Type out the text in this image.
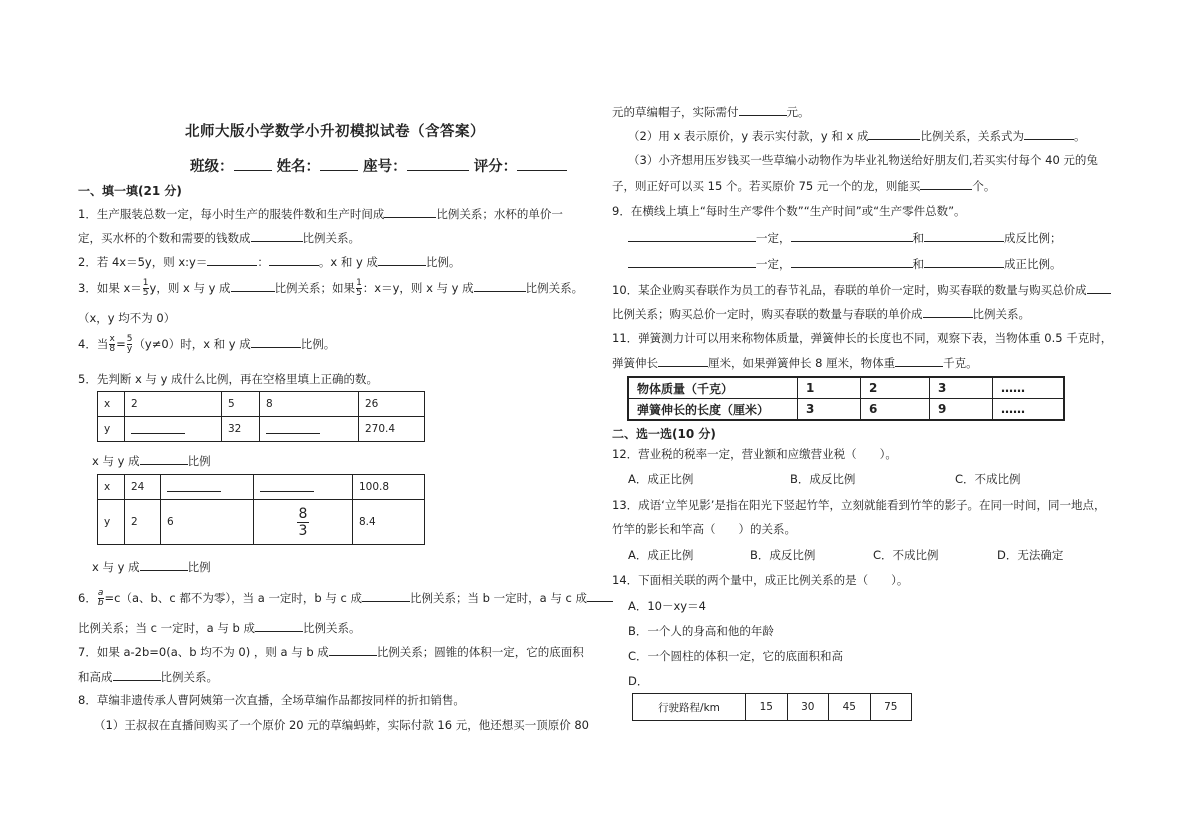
北师大版小学数学小升初模拟试卷（含答案）
班级：	姓名：	座号：	评分：
一、填一填(21 分)
1．生产服装总数一定，每小时生产的服装件数和生产时间成	比例关系；水杯的单价一
定，买水杯的个数和需要的钱数成	比例关系。
2．若 4x＝5y，则 x:y＝	：	。x 和 y 成	比例。
3．如果 $x= \frac{1}{5}$ y，则 x 与 y 成	比例关系；如果 $\frac{1}{5}$ ：x＝y，则 x 与 y 成	比例关系。
（x，y 均不为 0）
4．当 $\frac{x}{8} = \frac{5}{y} (y\ne 0)$时，x 和 y 成	比例。
5．先判断 x 与 y 成什么比例，再在空格里填上正确的数。
x	2	5	8	26
y		32		270.4
x 与 y 成	比例
x	24			100.8
y	2	6	$\frac{8}{3}$	8.4
x 与 y 成	比例
6． $\frac{a}{b} =c(a$、b、c 都不为零），当 a 一定时，b 与 c 成	比例关系；当 b 一定时，a 与 c 成
比例关系；当 c 一定时，a 与 b 成	比例关系。
7．如果 a-2b=0(a、b 均不为 0) ，则 a 与 b 成	比例关系；圆锥的体积一定，它的底面积
和高成	比例关系。
8．草编非遗传承人曹阿姨第一次直播，全场草编作品都按同样的折扣销售。
（1）王叔叔在直播间购买了一个原价 20 元的草编蚂蚱，实际付款 16 元，他还想买一顶原价 80
元的草编帽子，实际需付	元。
（2）用 x 表示原价，y 表示实付款，y 和 x 成	比例关系，关系式为	。
（3）小齐想用压岁钱买一些草编小动物作为毕业礼物送给好朋友们,若买实付每个 40 元的兔
子，则正好可以买 15 个。若买原价 75 元一个的龙，则能买	个。
9．在横线上填上“每时生产零件个数”“生产时间”或“生产零件总数”。
一定，	和	成反比例；
一定，	和	成正比例。
10．某企业购买春联作为员工的春节礼品，春联的单价一定时，购买春联的数量与购买总价成
比例关系；购买总价一定时，购买春联的数量与春联的单价成	比例关系。
11．弹簧测力计可以用来称物体质量，弹簧伸长的长度也不同，观察下表，当物体重 0.5 千克时，
弹簧伸长	厘米，如果弹簧伸长 8 厘米，物体重	千克。
物体质量（千克）	1	2	3	……
弹簧伸长的长度（厘米）	3	6	9	……
二、选一选(10 分)
12．营业税的税率一定，营业额和应缴营业税（　　）。
A．成正比例	B．成反比例	C．不成比例
13．成语‘立竿见影’是指在阳光下竖起竹竿，立刻就能看到竹竿的影子。在同一时间，同一地点，
竹竿的影长和竿高（　　）的关系。
A．成正比例	B．成反比例	C．不成比例	D．无法确定
14．下面相关联的两个量中，成正比例关系的是（　　）。
A．10－xy＝4
B．一个人的身高和他的年龄
C．一个圆柱的体积一定，它的底面积和高
D．
行驶路程/km	15	30	45	75
